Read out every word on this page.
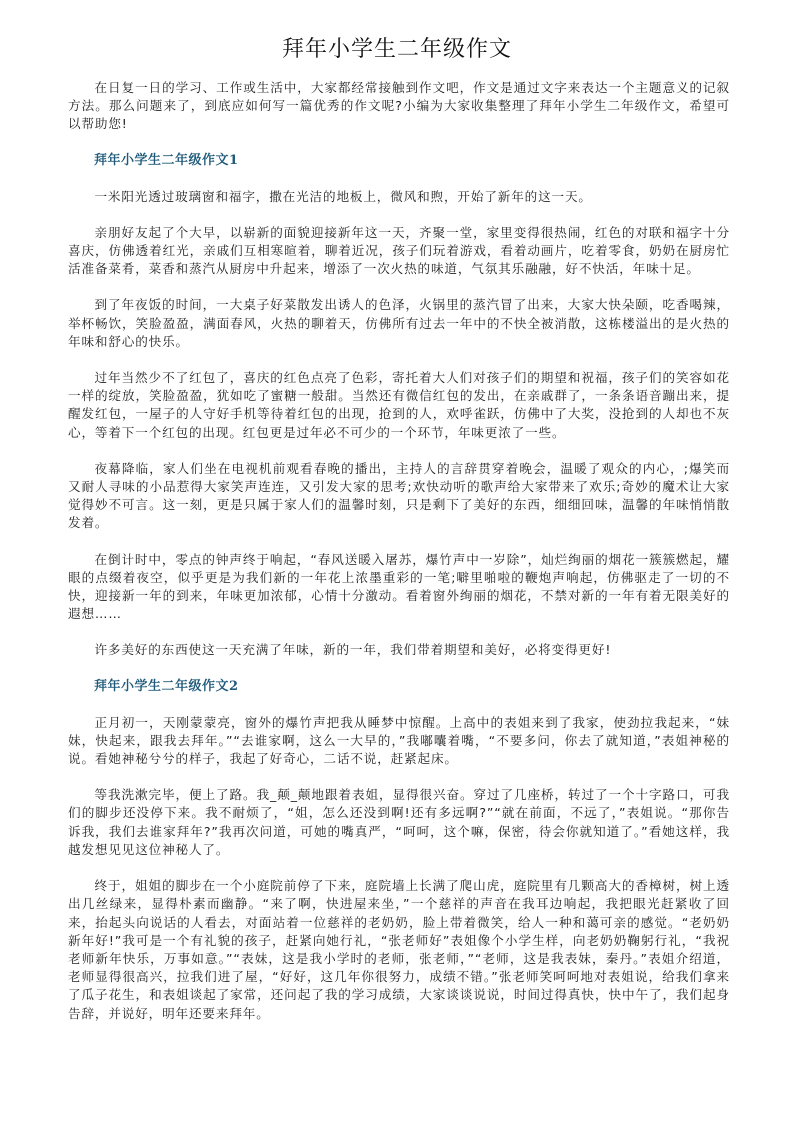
拜年小学生二年级作文

在日复一日的学习、工作或生活中，大家都经常接触到作文吧，作文是通过文字来表达一个主题意义的记叙方法。那么问题来了，到底应如何写一篇优秀的作文呢?小编为大家收集整理了拜年小学生二年级作文，希望可以帮助您!

拜年小学生二年级作文1

一米阳光透过玻璃窗和福字，撒在光洁的地板上，微风和煦，开始了新年的这一天。

亲朋好友起了个大早，以崭新的面貌迎接新年这一天，齐聚一堂，家里变得很热闹，红色的对联和福字十分喜庆，仿佛透着红光，亲戚们互相寒暄着，聊着近况，孩子们玩着游戏，看着动画片，吃着零食，奶奶在厨房忙活准备菜肴，菜香和蒸汽从厨房中升起来，增添了一次火热的味道，气氛其乐融融，好不快活，年味十足。

到了年夜饭的时间，一大桌子好菜散发出诱人的色泽，火锅里的蒸汽冒了出来，大家大快朵颐，吃香喝辣，举杯畅饮，笑脸盈盈，满面春风，火热的聊着天，仿佛所有过去一年中的不快全被消散，这栋楼溢出的是火热的年味和舒心的快乐。

过年当然少不了红包了，喜庆的红色点亮了色彩，寄托着大人们对孩子们的期望和祝福，孩子们的笑容如花一样的绽放，笑脸盈盈，犹如吃了蜜糖一般甜。当然还有微信红包的发出，在亲戚群了，一条条语音蹦出来，提醒发红包，一屋子的人守好手机等待着红包的出现，抢到的人，欢呼雀跃，仿佛中了大奖，没抢到的人却也不灰心，等着下一个红包的出现。红包更是过年必不可少的一个环节，年味更浓了一些。

夜幕降临，家人们坐在电视机前观看春晚的播出，主持人的言辞贯穿着晚会，温暖了观众的内心，;爆笑而又耐人寻味的小品惹得大家笑声连连，又引发大家的思考;欢快动听的歌声给大家带来了欢乐;奇妙的魔术让大家觉得妙不可言。这一刻，更是只属于家人们的温馨时刻，只是剩下了美好的东西，细细回味，温馨的年味悄悄散发着。

在倒计时中，零点的钟声终于响起，“春风送暖入屠苏，爆竹声中一岁除”，灿烂绚丽的烟花一簇簇燃起，耀眼的点缀着夜空，似乎更是为我们新的一年花上浓墨重彩的一笔;噼里啪啦的鞭炮声响起，仿佛驱走了一切的不快，迎接新一年的到来，年味更加浓郁，心情十分激动。看着窗外绚丽的烟花，不禁对新的一年有着无限美好的遐想……

许多美好的东西使这一天充满了年味，新的一年，我们带着期望和美好，必将变得更好!

拜年小学生二年级作文2

正月初一，天刚蒙蒙亮，窗外的爆竹声把我从睡梦中惊醒。上高中的表姐来到了我家，使劲拉我起来，“妹妹，快起来，跟我去拜年。”“去谁家啊，这么一大早的，”我嘟囔着嘴，“不要多问，你去了就知道，”表姐神秘的说。看她神秘兮兮的样子，我起了好奇心，二话不说，赶紧起床。

等我洗漱完毕，便上了路。我_颠_颠地跟着表姐，显得很兴奋。穿过了几座桥，转过了一个十字路口，可我们的脚步还没停下来。我不耐烦了，“姐，怎么还没到啊!还有多远啊?”“就在前面，不远了，”表姐说。“那你告诉我，我们去谁家拜年?”我再次问道，可她的嘴真严，“呵呵，这个嘛，保密，待会你就知道了。”看她这样，我越发想见见这位神秘人了。

终于，姐姐的脚步在一个小庭院前停了下来，庭院墙上长满了爬山虎，庭院里有几颗高大的香樟树，树上透出几丝绿来，显得朴素而幽静。“来了啊，快进屋来坐，”一个慈祥的声音在我耳边响起，我把眼光赶紧收了回来，抬起头向说话的人看去，对面站着一位慈祥的老奶奶，脸上带着微笑，给人一种和蔼可亲的感觉。“老奶奶新年好!”我可是一个有礼貌的孩子，赶紧向她行礼，“张老师好”表姐像个小学生样，向老奶奶鞠躬行礼，“我祝老师新年快乐，万事如意。”“表妹，这是我小学时的老师，张老师，”“老师，这是我表妹，秦丹。”表姐介绍道，老师显得很高兴，拉我们进了屋，“好好，这几年你很努力，成绩不错。”张老师笑呵呵地对表姐说，给我们拿来了瓜子花生，和表姐谈起了家常，还问起了我的学习成绩，大家谈谈说说，时间过得真快，快中午了，我们起身告辞，并说好，明年还要来拜年。
